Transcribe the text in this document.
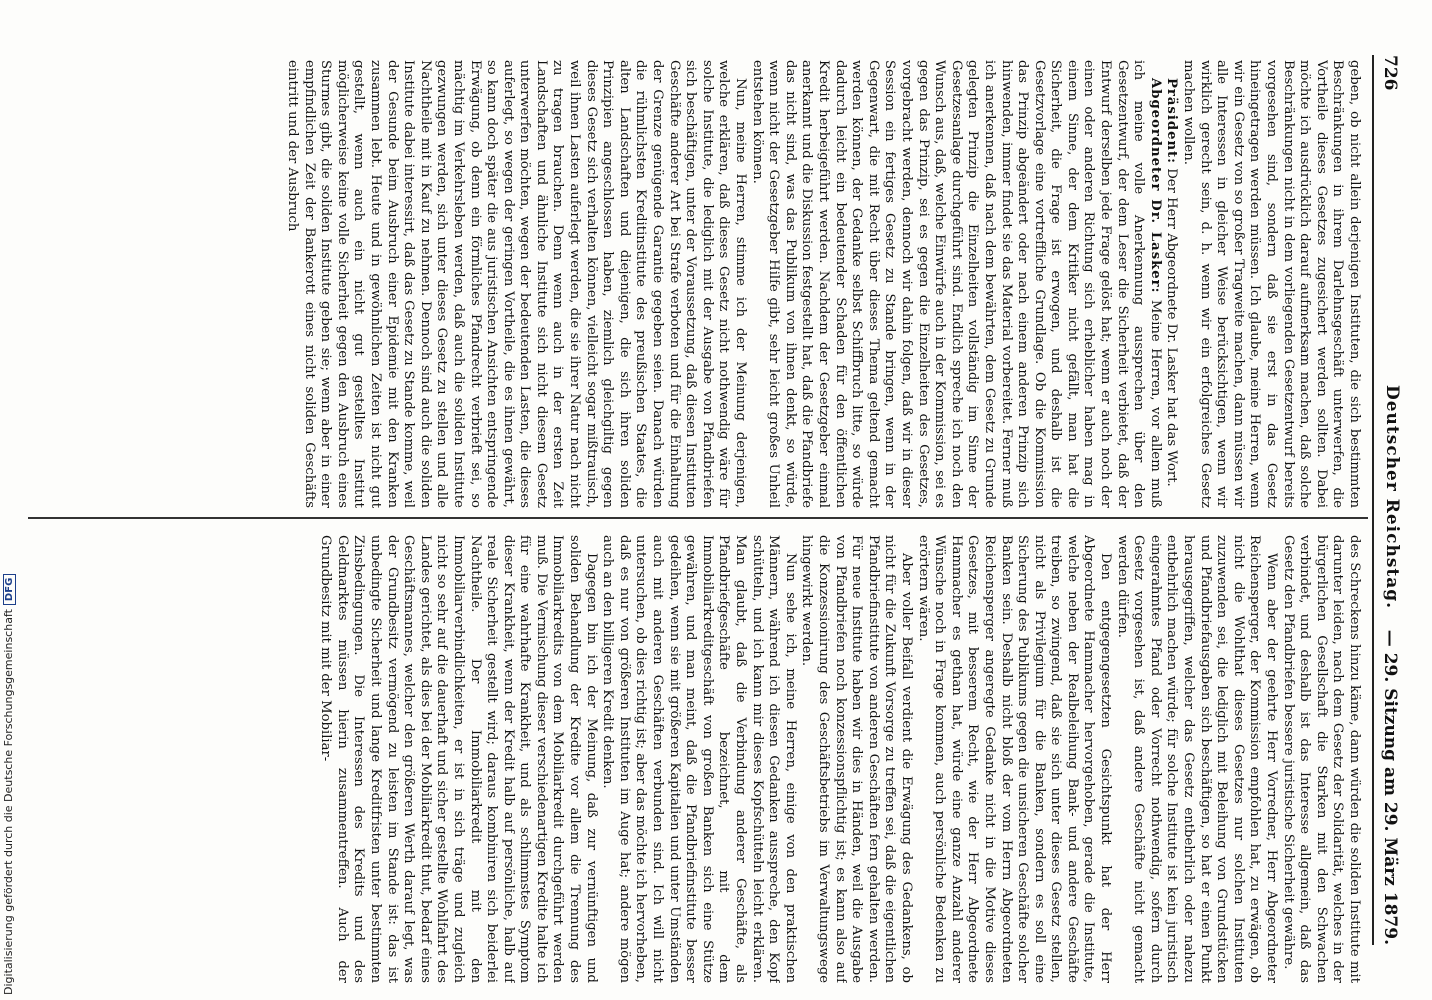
726
Deutscher Reichstag.
— 29. Sitzung am 29. März 1879.

geben, ob nicht allein derjenigen Instituten, die sich bestimmten Beschränkungen in ihrem Darlehnsgeschäft unterwerfen, die Vortheile dieses Gesetzes zugesichert werden sollten. Dabei möchte ich ausdrücklich darauf aufmerksam machen, daß solche Beschränkungen nicht in dem vorliegenden Gesetzentwurf bereits vorgesehen sind, sondern daß sie erst in das Gesetz hineingetragen werden müssen. Ich glaube, meine Herren, wenn wir ein Gesetz von so großer Tragweite machen, dann müssen wir alle Interessen in gleicher Weise berücksichtigen, wenn wir wirklich gerecht sein, d. h. wenn wir ein erfolgreiches Gesetz machen wollen.

Präsident: Der Herr Abgeordnete Dr. Lasker hat das Wort.

Abgeordneter Dr. Lasker: Meine Herren, vor allem muß ich meine volle Anerkennung aussprechen über den Gesetzentwurf, der dem Leser die Sicherheit verbietet, daß der Entwurf derselben jede Frage gelöst hat; wenn er auch noch der einen oder anderen Richtung sich erheblicher haben mag in einem Sinne, der dem Kritiker nicht gefällt, man hat die Sicherheit, die Frage ist erwogen, und deshalb ist die Gesetzvorlage eine vortreffliche Grundlage. Ob die Kommission das Prinzip abgeändert oder nach einem anderen Prinzip sich hinwenden, immer findet sie das Material vorbereitet. Ferner muß ich anerkennen, daß nach dem bewährten, dem Gesetz zu Grunde gelegten Prinzip die Einzelheiten vollständig im Sinne der Gesetzesanlage durchgeführt sind. Endlich spreche ich noch den Wunsch aus, daß, welche Einwürfe auch in der Kommission, sei es gegen das Prinzip, sei es gegen die Einzelheiten des Gesetzes, vorgebracht werden, dennoch wir dahin folgen, daß wir in dieser Session ein fertiges Gesetz zu Stande bringen, wenn in der Gegenwart, die mit Recht über dieses Thema geltend gemacht werden können, der Gedanke selbst Schiffbruch litte, so würde dadurch leicht ein bedeutender Schaden für den öffentlichen Kredit herbeigeführt werden. Nachdem der Gesetzgeber einmal anerkannt und die Diskussion festgestellt hat, daß die Pfandbriefe das nicht sind, was das Publikum von ihnen denkt, so würde, wenn nicht der Gesetzgeber Hilfe gibt, sehr leicht großes Unheil entstehen können.

Nun, meine Herren, stimme ich der Meinung derjenigen, welche erklären, daß dieses Gesetz nicht nothwendig wäre für solche Institute, die lediglich mit der Ausgabe von Pfandbriefen sich beschäftigen, unter der Voraussetzung, daß diesen Instituten Geschäfte anderer Art bei Strafe verboten und für die Einhaltung der Grenze genügende Garantie gegeben seien. Danach würden die rühmlichsten Kreditinstitute des preußischen Staates, die alten Landschaften und diejenigen, die sich ihren soliden Prinzipien angeschlossen haben, ziemlich gleichgiltig gegen dieses Gesetz sich verhalten können, vielleicht sogar mißtrauisch, weil ihnen Lasten auferlegt werden, die sie ihrer Natur nach nicht zu tragen brauchen. Denn wenn auch in der ersten Zeit Landschaften und ähnliche Institute sich nicht diesem Gesetz unterwerfen möchten, wegen der bedeutenden Lasten, die dieses auferlegt, so wegen der geringen Vortheile, die es ihnen gewährt, so kann doch später die aus juristischen Ansichten entspringende Erwägung, ob denn ein förmliches Pfandrecht verbrieft sei, so mächtig im Verkehrsleben werden, daß auch die soliden Institute gezwungen werden, sich unter dieses Gesetz zu stellen und alle Nachtheile mit in Kauf zu nehmen. Dennoch sind auch die soliden Institute dabei interessirt, daß das Gesetz zu Stande komme, weil der Gesunde beim Ausbruch einer Epidemie mit den Kranken zusammen lebt. Heute und in gewöhnlichen Zeiten ist nicht gut gestellt, wenn auch ein nicht gut gestelltes Institut möglicherweise keine volle Sicherheit gegen den Ausbruch eines Sturmes gibt, die soliden Institute geben sie; wenn aber in einer empfindlichen Zeit der Bankerott eines nicht soliden Geschäfts eintritt und der Ausbruch

des Schreckens hinzu käme, dann würden die soliden Institute mit darunter leiden, nach dem Gesetz der Solidarität, welches in der bürgerlichen Gesellschaft die Starken mit den Schwachen verbindet, und deshalb ist das Interesse allgemein, daß das Gesetz den Pfandbriefen bessere juristische Sicherheit gewähre.

Wenn aber der geehrte Herr Vorredner, Herr Abgeordneter Reichensperger, der Kommission empfohlen hat, zu erwägen, ob nicht die Wohlthat dieses Gesetzes nur solchen Instituten zuzuwenden sei, die lediglich mit Beleihung von Grundstücken und Pfandbriefausgaben sich beschäftigen, so hat er einen Punkt herausgegriffen, welcher das Gesetz entbehrlich oder nahezu entbehrlich machen würde; für solche Institute ist kein juristisch eingerahmtes Pfand oder Vorrecht nothwendig, sofern durch Gesetz vorgesehen ist, daß andere Geschäfte nicht gemacht werden dürfen.

Den entgegengesetzten Gesichtspunkt hat der Herr Abgeordnete Hammacher hervorgehoben, gerade die Institute, welche neben der Realbeleihung Bank- und andere Geschäfte treiben, so zwingend, daß sie sich unter dieses Gesetz stellen, nicht als Privilegium für die Banken, sondern es soll eine Sicherung des Publikums gegen die unsicheren Geschäfte solcher Banken sein. Deshalb nicht bloß der vom Herrn Abgeordneten Reichensperger angeregte Gedanke nicht in die Motive dieses Gesetzes, mit besserem Recht, wie der Herr Abgeordnete Hammacher es gethan hat, würde eine ganze Anzahl anderer Wünsche noch in Frage kommen, auch persönliche Bedenken zu erörtern wären.

Aber voller Beifall verdient die Erwägung des Gedankens, ob nicht für die Zukunft Vorsorge zu treffen sei, daß die eigentlichen Pfandbriefinstitute von anderen Geschäften fern gehalten werden. Für neue Institute haben wir dies in Händen, weil die Ausgabe von Pfandbriefen noch konzessionspflichtig ist; es kann also auf die Konzessionirung des Geschäftsbetriebs im Verwaltungswege hingewirkt werden.

Nun sehe ich, meine Herren, einige von den praktischen Männern, während ich diesen Gedanken ausspreche, den Kopf schütteln, und ich kann mir dieses Kopfschütteln leicht erklären. Man glaubt, daß die Verbindung anderer Geschäfte, als Pfandbriefgeschäfte bezeichnet, mit dem Immobiliarkreditgeschäft von großen Banken sich eine Stütze gewähren, und man meint, daß die Pfandbriefinstitute besser gedeihen, wenn sie mit größeren Kapitalien und unter Umständen auch mit anderen Geschäften verbunden sind. Ich will nicht untersuchen, ob dies richtig ist; aber das möchte ich hervorheben, daß es nur von größeren Instituten im Auge hat; andere mögen auch an den billigeren Kredit denken.

Dagegen bin ich der Meinung, daß zur vernünftigen und soliden Behandlung der Kredite vor allem die Trennung des Immobiliarkredits von dem Mobiliarkredit durchgeführt werden muß. Die Vermischung dieser verschiedenartigen Kredite halte ich für eine wahrhafte Krankheit, und als schlimmstes Symptom dieser Krankheit, wenn der Kredit halb auf persönliche, halb auf reale Sicherheit gestellt wird; daraus kombiniren sich beiderlei Nachtheile. Der Immobiliarkredit mit den Immobiliarverbindlichkeiten, er ist in sich träge und zugleich nicht so sehr auf die dauerhaft und sicher gestellte Wohlfahrt des Landes gerichtet, als dies bei der Mobiliarkredit thut, bedarf eines Geschäftsmannes, welcher den größeren Werth darauf legt, was der Grundbesitz vermögend zu leisten im Stande ist: das ist unbedingte Sicherheit und lange Kreditfristen unter bestimmten Zinsbedingungen. Die Interessen des Kredits und des Geldmarktes müssen hierin zusammentreffen. Auch der Grundbesitz mit mit der Mobiliar-

Digitalisierung gefördert durch die Deutsche ForschungsgemeinschaftDFG
